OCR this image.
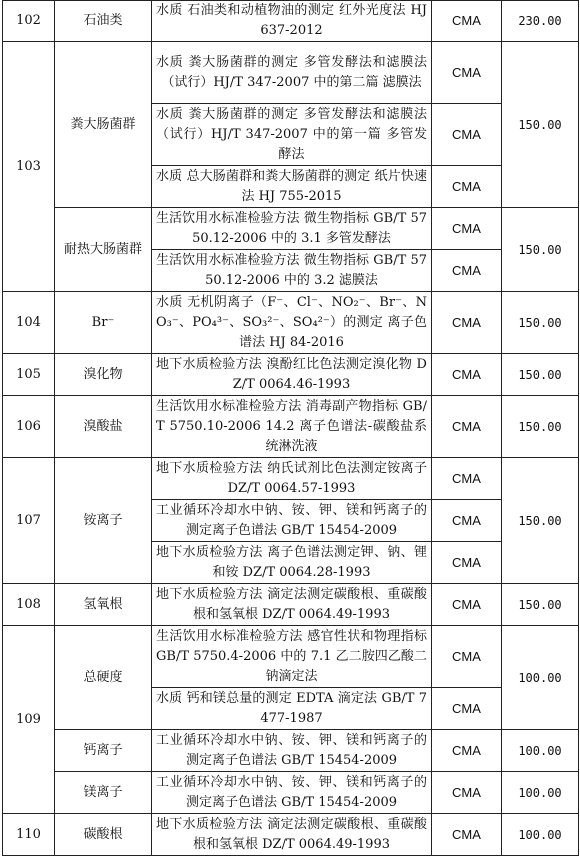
102	石油类	水质 石油类和动植物油的测定 红外光度法 HJ 637-2012	CMA	230.00
103	粪大肠菌群	水质 粪大肠菌群的测定 多管发酵法和滤膜法（试行）HJ/T 347-2007 中的第二篇 滤膜法	CMA	150.00
		水质 粪大肠菌群的测定 多管发酵法和滤膜法（试行）HJ/T 347-2007 中的第一篇 多管发酵法	CMA	
		水质 总大肠菌群和粪大肠菌群的测定 纸片快速法 HJ 755-2015	CMA	
	耐热大肠菌群	生活饮用水标准检验方法 微生物指标 GB/T 5750.12-2006 中的 3.1 多管发酵法	CMA	150.00
		生活饮用水标准检验方法 微生物指标 GB/T 5750.12-2006 中的 3.2 滤膜法	CMA	
104	Br⁻	水质 无机阴离子（F⁻、Cl⁻、NO₂⁻、Br⁻、NO₃⁻、PO₄³⁻、SO₃²⁻、SO₄²⁻）的测定 离子色谱法 HJ 84-2016	CMA	150.00
105	溴化物	地下水质检验方法 溴酚红比色法测定溴化物 DZ/T 0064.46-1993	CMA	150.00
106	溴酸盐	生活饮用水标准检验方法 消毒副产物指标 GB/T 5750.10-2006 14.2 离子色谱法-碳酸盐系统淋洗液	CMA	150.00
107	铵离子	地下水质检验方法 纳氏试剂比色法测定铵离子 DZ/T 0064.57-1993	CMA	150.00
		工业循环冷却水中钠、铵、钾、镁和钙离子的测定离子色谱法 GB/T 15454-2009	CMA	
		地下水质检验方法 离子色谱法测定钾、钠、锂和铵 DZ/T 0064.28-1993	CMA	
108	氢氧根	地下水质检验方法 滴定法测定碳酸根、重碳酸根和氢氧根 DZ/T 0064.49-1993	CMA	150.00
109	总硬度	生活饮用水标准检验方法 感官性状和物理指标 GB/T 5750.4-2006 中的 7.1 乙二胺四乙酸二钠滴定法	CMA	100.00
		水质 钙和镁总量的测定 EDTA 滴定法 GB/T 7477-1987	CMA	
	钙离子	工业循环冷却水中钠、铵、钾、镁和钙离子的测定离子色谱法 GB/T 15454-2009	CMA	100.00
	镁离子	工业循环冷却水中钠、铵、钾、镁和钙离子的测定离子色谱法 GB/T 15454-2009	CMA	100.00
110	碳酸根	地下水质检验方法 滴定法测定碳酸根、重碳酸根和氢氧根 DZ/T 0064.49-1993	CMA	100.00
